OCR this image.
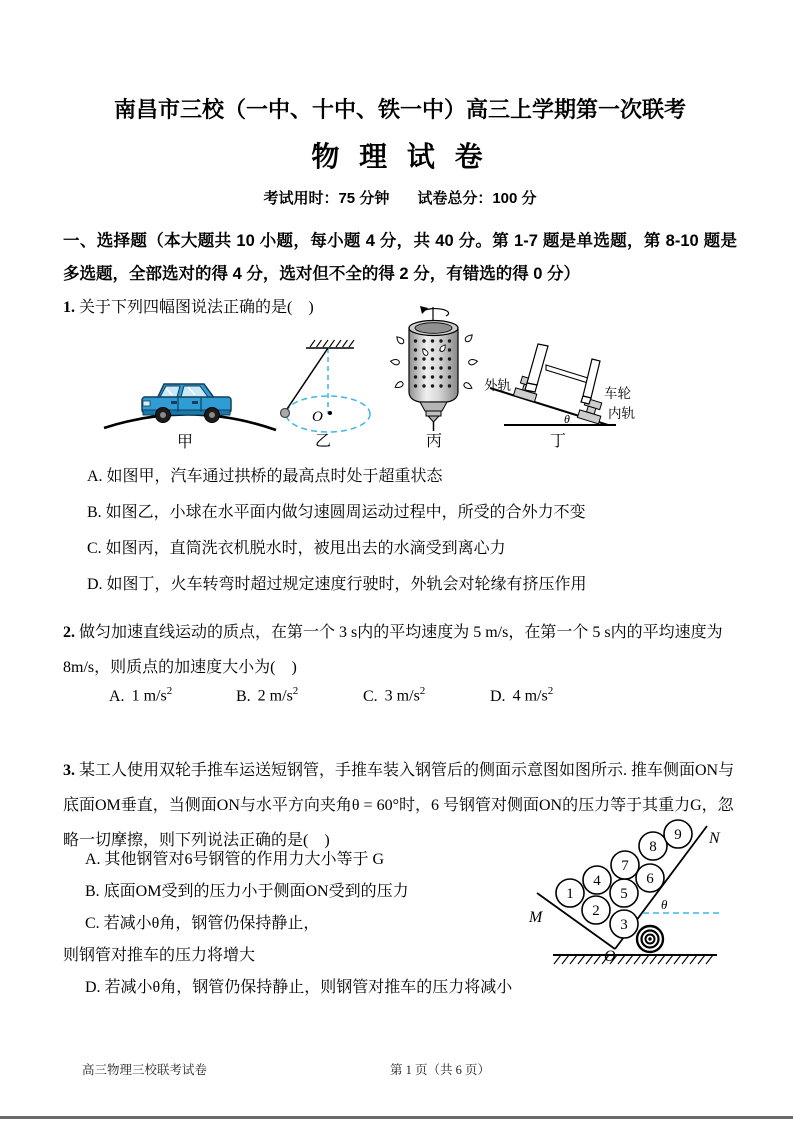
南昌市三校（一中、十中、铁一中）高三上学期第一次联考
物 理 试 卷
考试用时：75 分钟 试卷总分：100 分
一、选择题（本大题共 10 小题，每小题 4 分，共 40 分。第 1-7 题是单选题，第 8-10 题是多选题，全部选对的得 4 分，选对但不全的得 2 分，有错选的得 0 分）
1. 关于下列四幅图说法正确的是(　)
甲
O
乙	丙
θ
外轨
车轮
内轨
丁
A. 如图甲，汽车通过拱桥的最高点时处于超重状态
B. 如图乙，小球在水平面内做匀速圆周运动过程中，所受的合外力不变
C. 如图丙，直筒洗衣机脱水时，被甩出去的水滴受到离心力
D. 如图丁，火车转弯时超过规定速度行驶时，外轨会对轮缘有挤压作用
2. 做匀加速直线运动的质点，在第一个 3 s内的平均速度为 5 m/s，在第一个 5 s内的平均速度为 8m/s，则质点的加速度大小为(　)
A. 1 $m/s^2$	B. 2 $m/s^2$	C. 3 $m/s^2$	D. 4 $m/s^2$
3. 某工人使用双轮手推车运送短钢管，手推车装入钢管后的侧面示意图如图所示. 推车侧面ON与底面OM垂直，当侧面ON与水平方向夹角θ = 60°时，6 号钢管对侧面ON的压力等于其重力G，忽略一切摩擦，则下列说法正确的是(　)
A. 其他钢管对6号钢管的作用力大小等于 G
B. 底面OM受到的压力小于侧面ON受到的压力
C. 若减小θ角，钢管仍保持静止，
则钢管对推车的压力将增大
D. 若减小θ角，钢管仍保持静止，则钢管对推车的压力将减小
1
2
3
4
5
6
7
8
9
M
N
O
θ
高三物理三校联考试卷	第 1 页（共 6 页）
